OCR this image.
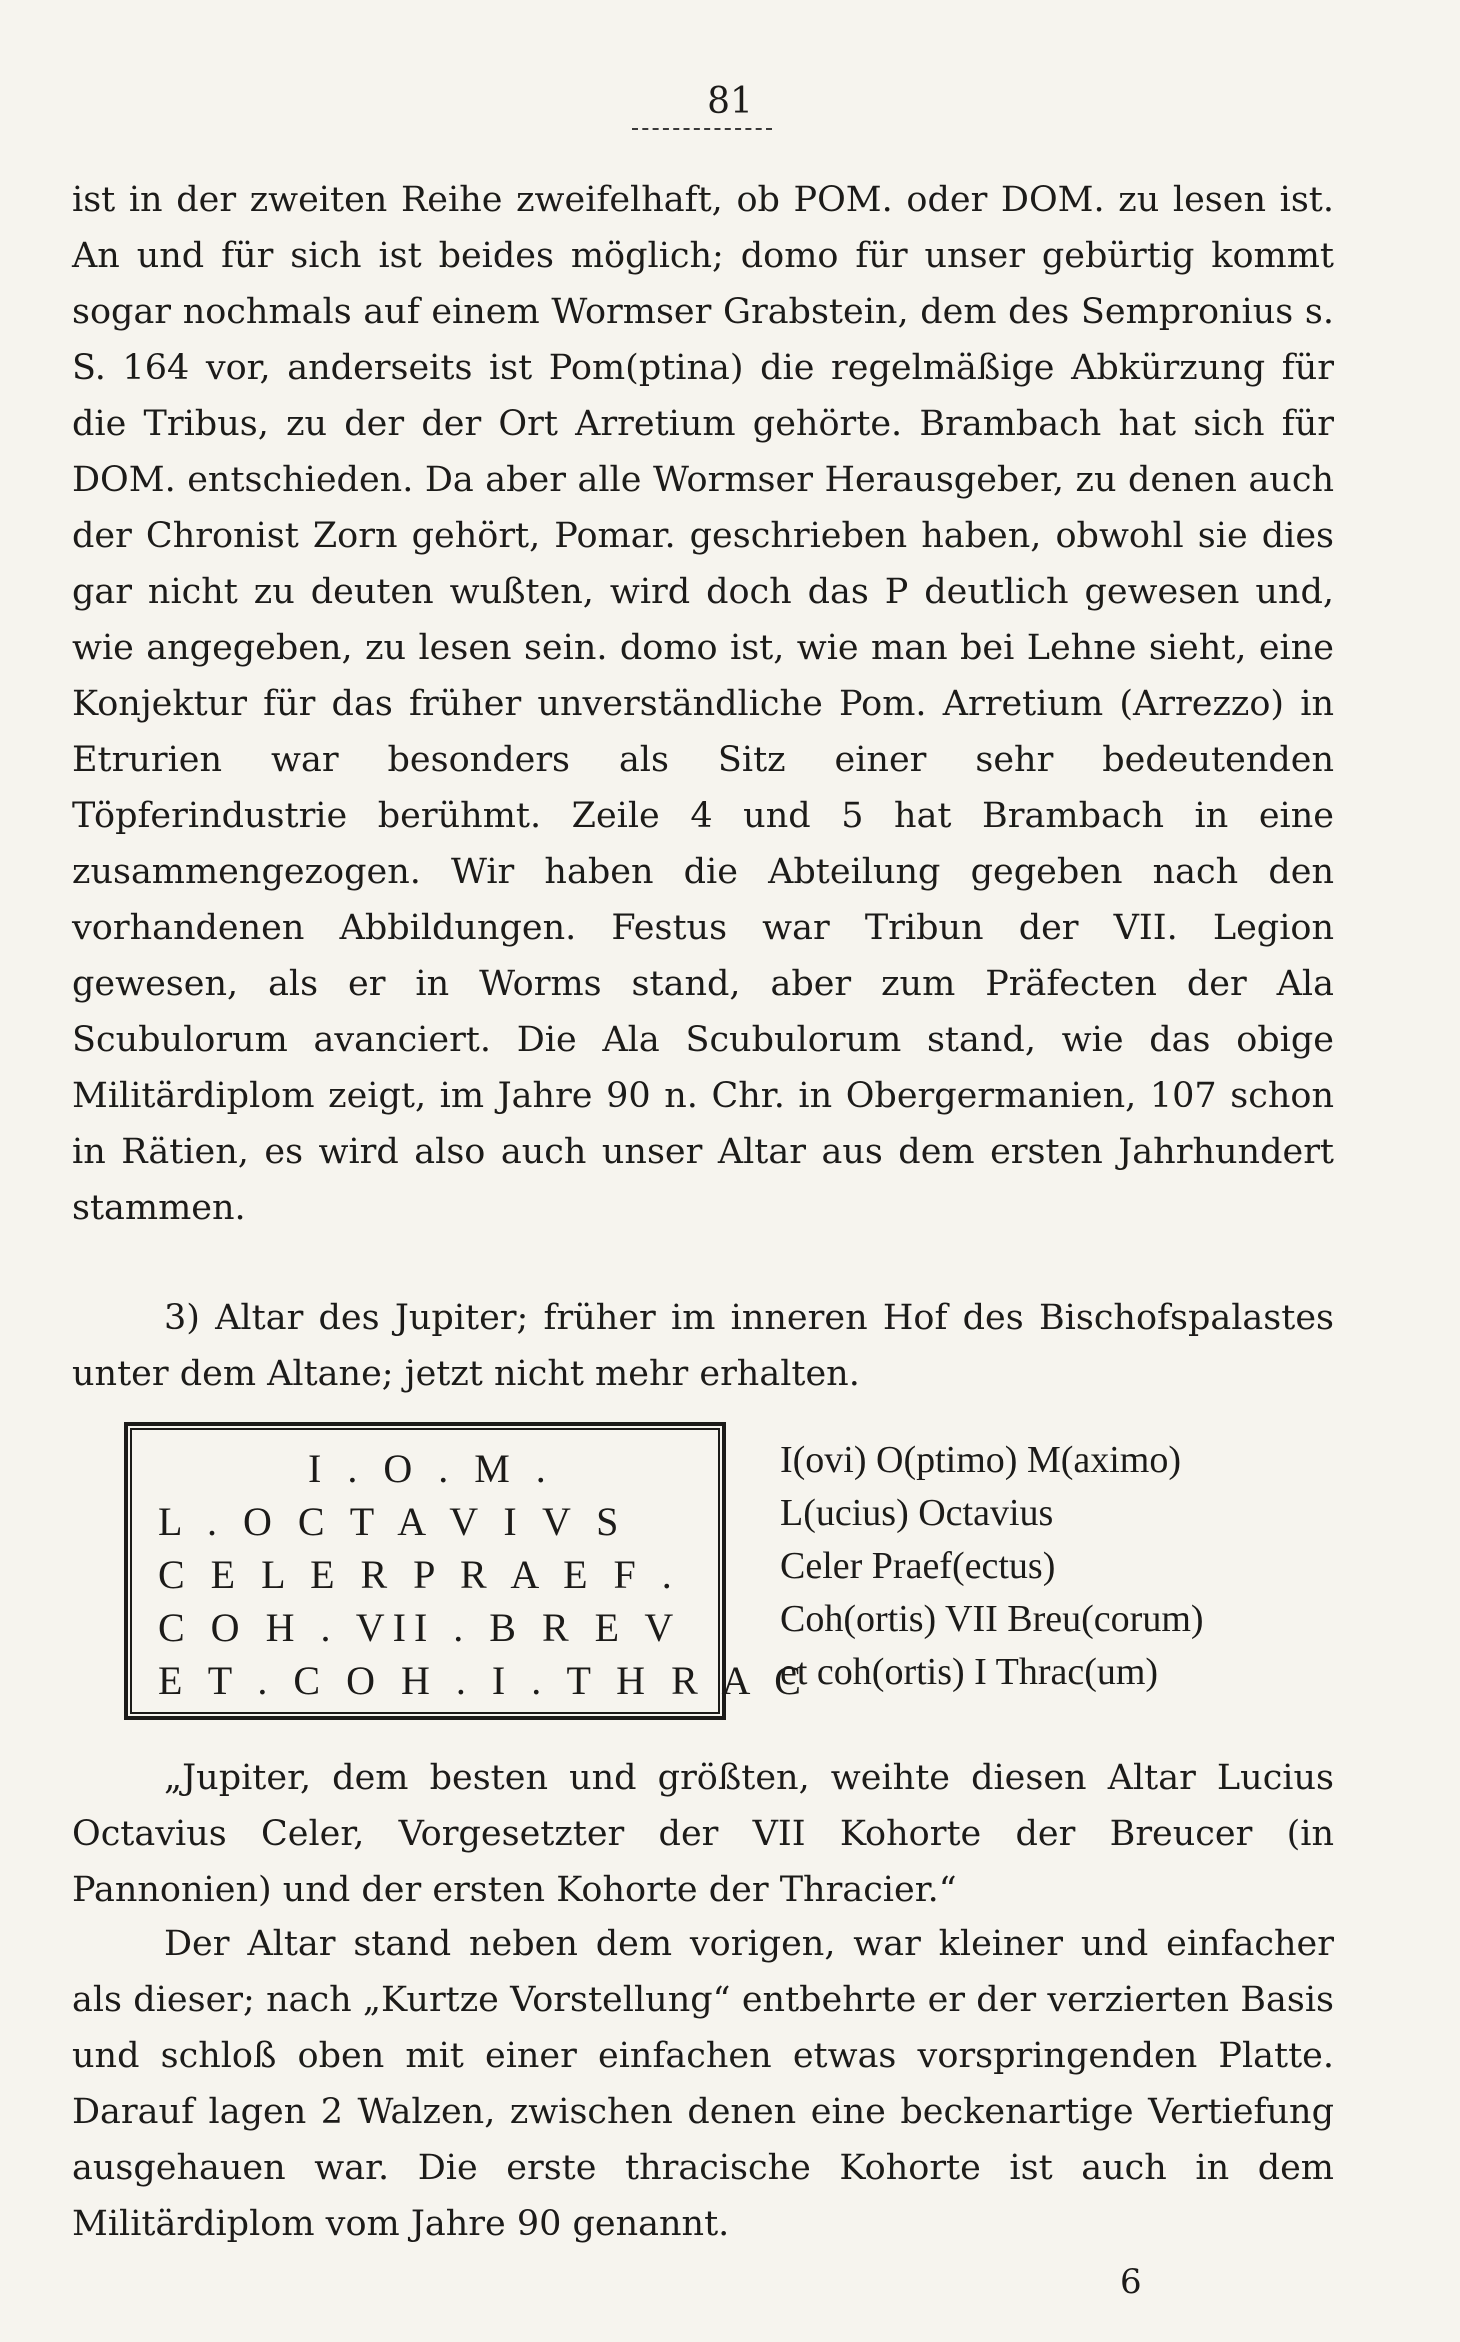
81

ist in der zweiten Reihe zweifelhaft, ob POM. oder DOM. zu lesen ist. An und für sich ist beides möglich; domo für unser gebürtig kommt sogar nochmals auf einem Wormser Grabstein, dem des Sempronius s. S. 164 vor, anderseits ist Pom(ptina) die regelmäßige Abkürzung für die Tribus, zu der der Ort Arretium gehörte. Brambach hat sich für DOM. entschieden. Da aber alle Wormser Herausgeber, zu denen auch der Chronist Zorn gehört, Pomar. geschrieben haben, obwohl sie dies gar nicht zu deuten wußten, wird doch das P deutlich gewesen und, wie angegeben, zu lesen sein. domo ist, wie man bei Lehne sieht, eine Konjektur für das früher unverständliche Pom. Arretium (Arrezzo) in Etrurien war besonders als Sitz einer sehr bedeutenden Töpferindustrie berühmt. Zeile 4 und 5 hat Brambach in eine zusammengezogen. Wir haben die Abteilung gegeben nach den vorhandenen Abbildungen. Festus war Tribun der VII. Legion gewesen, als er in Worms stand, aber zum Präfecten der Ala Scubulorum avanciert. Die Ala Scubulorum stand, wie das obige Militärdiplom zeigt, im Jahre 90 n. Chr. in Obergermanien, 107 schon in Rätien, es wird also auch unser Altar aus dem ersten Jahrhundert stammen.

3) Altar des Jupiter; früher im inneren Hof des Bischofspalastes unter dem Altane; jetzt nicht mehr erhalten.

I . O . M .
L . O C T A V I V S
C E L E R P R A E F .
C O H . VII . B R E V
E T . C O H . I . T H R A C
I(ovi) O(ptimo) M(aximo)
L(ucius) Octavius
Celer Praef(ectus)
Coh(ortis) VII Breu(corum)
et coh(ortis) I Thrac(um)

„Jupiter, dem besten und größten, weihte diesen Altar Lucius Octavius Celer, Vorgesetzter der VII Kohorte der Breucer (in Pannonien) und der ersten Kohorte der Thracier.“

Der Altar stand neben dem vorigen, war kleiner und einfacher als dieser; nach „Kurtze Vorstellung“ entbehrte er der verzierten Basis und schloß oben mit einer einfachen etwas vorspringenden Platte. Darauf lagen 2 Walzen, zwischen denen eine beckenartige Vertiefung ausgehauen war. Die erste thracische Kohorte ist auch in dem Militärdiplom vom Jahre 90 genannt.

6
